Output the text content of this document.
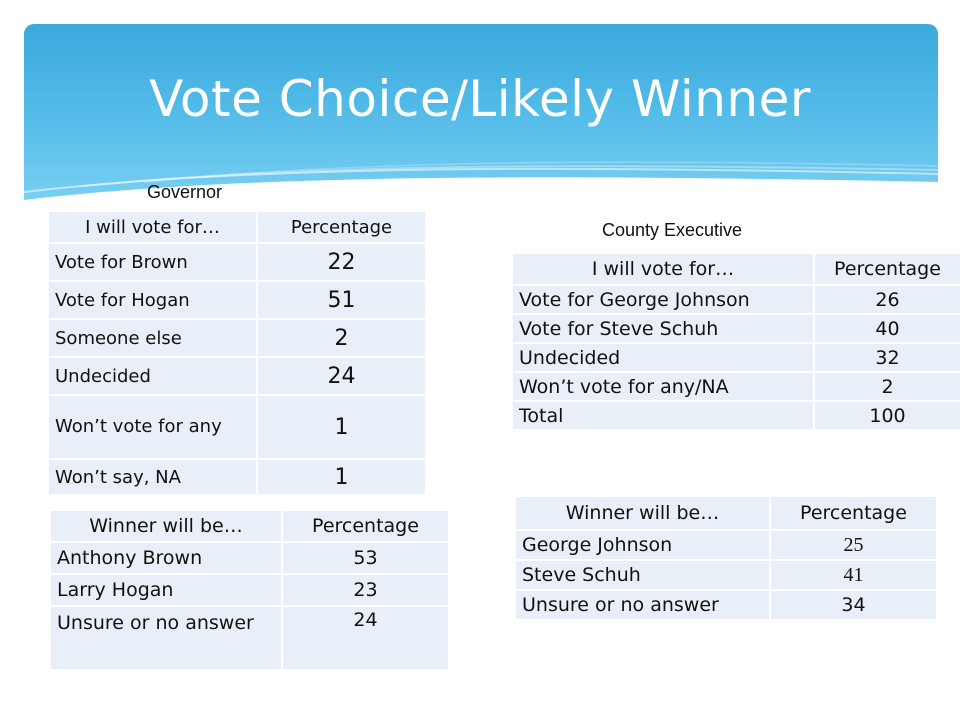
Vote Choice/Likely Winner
Governor
County Executive
I will vote for…	Percentage
Vote for Brown	22
Vote for Hogan	51
Someone else	2
Undecided	24
Won’t vote for any	1
Won’t say, NA	1
Winner will be…	Percentage
Anthony Brown	53
Larry Hogan	23
Unsure or no answer	24
I will vote for…	Percentage
Vote for George Johnson	26
Vote for Steve Schuh	40
Undecided	32
Won’t vote for any/NA	2
Total	100
Winner will be…	Percentage
George Johnson	25
Steve Schuh	41
Unsure or no answer	34
